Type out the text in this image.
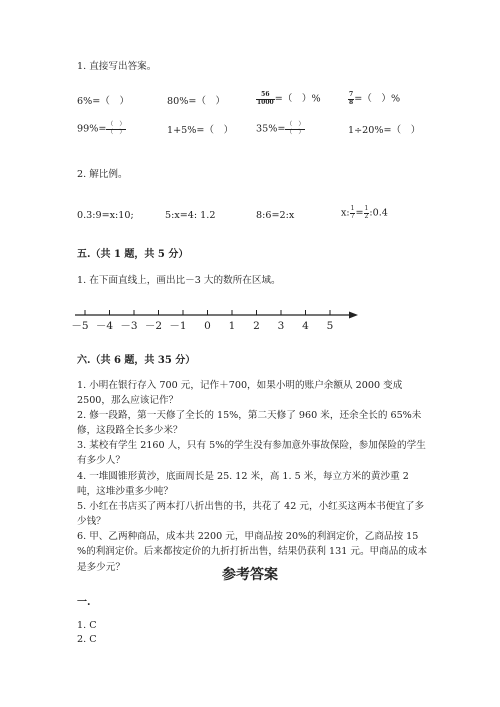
1. 直接写出答案。
6%=（　）	80%=（　）	$\frac{56}{1000}$ =（　）%	$\frac{7}{8}$ =（　）%
$99\%= \frac{( )}{( )}$	1+5%=（　） $35\%= \frac{( )}{( )}$	1÷20%=（　）
2. 解比例。
0.3:9=x:10;	5:x=4: 1.2	8:6=2:x	x: $\frac{1}{7} = \frac{1}{2}$ :0.4
五.（共 1 题，共 5 分）
1. 在下面直线上，画出比－3 大的数所在区域。
－5 －4 －3 －2 －1 0 1 2 3 4 5
六.（共 6 题，共 35 分）
1. 小明在银行存入 700 元，记作＋700，如果小明的账户余额从 2000 变成 2500，那么应该记作？
2. 修一段路，第一天修了全长的 15%，第二天修了 960 米，还余全长的 65%未修，这段路全长多少米？
3. 某校有学生 2160 人，只有 5%的学生没有参加意外事故保险，参加保险的学生有多少人？
4. 一堆圆锥形黄沙，底面周长是 25. 12 米，高 1. 5 米，每立方米的黄沙重 2 吨，这堆沙重多少吨？
5. 小红在书店买了两本打八折出售的书，共花了 42 元，小红买这两本书便宜了多少钱？
6. 甲、乙两种商品，成本共 2200 元，甲商品按 20%的利润定价，乙商品按 15 %的利润定价。后来都按定价的九折打折出售，结果仍获利 131 元。甲商品的成本是多少元？	参考答案
一.
1. C
2. C
